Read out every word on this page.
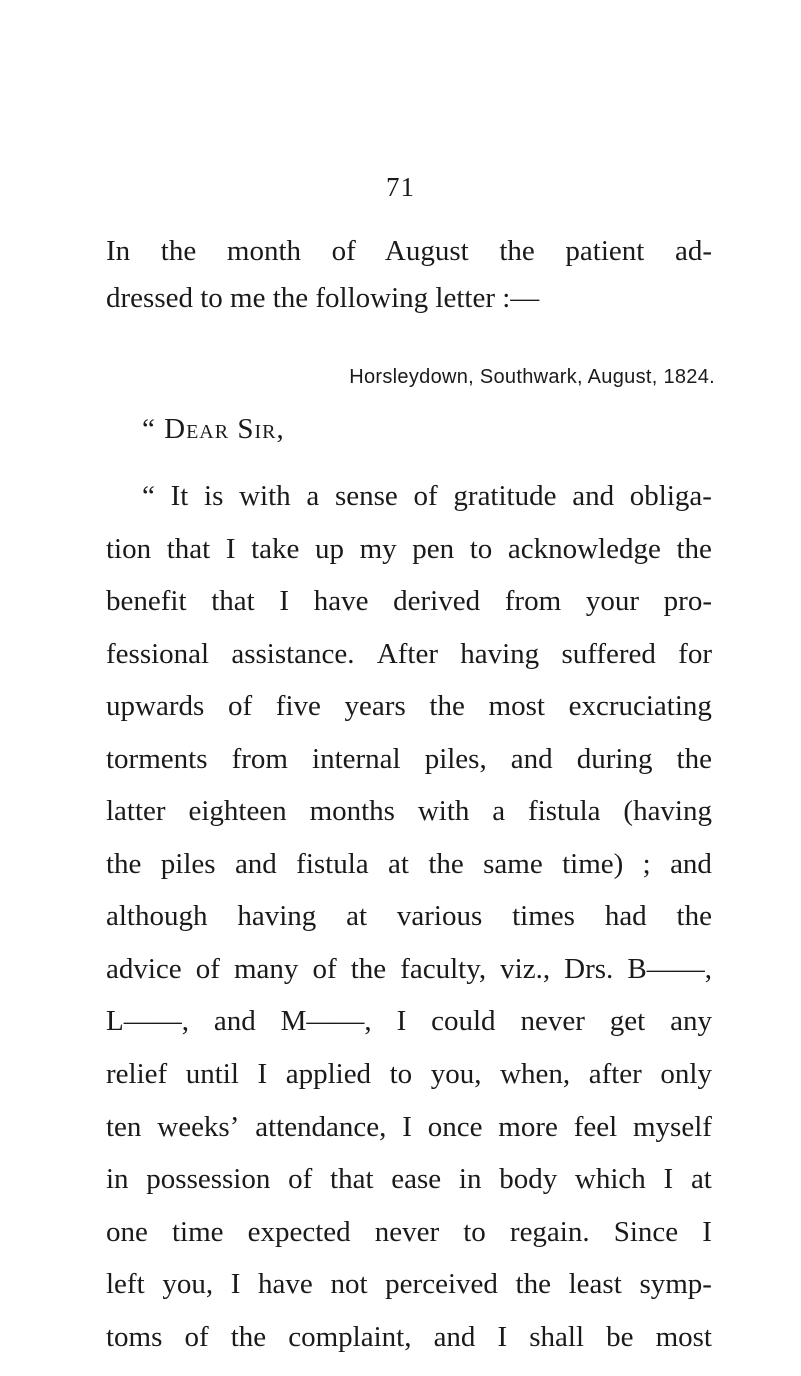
71
In the month of August the patient ad-
dressed to me the following letter :—
Horsleydown, Southwark, August, 1824.
“ Dear Sir,
“ It is with a sense of gratitude and obliga-
tion that I take up my pen to acknowledge the
benefit that I have derived from your pro-
fessional assistance. After having suffered for
upwards of five years the most excruciating
torments from internal piles, and during the
latter eighteen months with a fistula (having
the piles and fistula at the same time) ; and
although having at various times had the
advice of many of the faculty, viz., Drs. B——,
L——, and M——, I could never get any
relief until I applied to you, when, after only
ten weeks’ attendance, I once more feel myself
in possession of that ease in body which I at
one time expected never to regain. Since I
left you, I have not perceived the least symp-
toms of the complaint, and I shall be most
